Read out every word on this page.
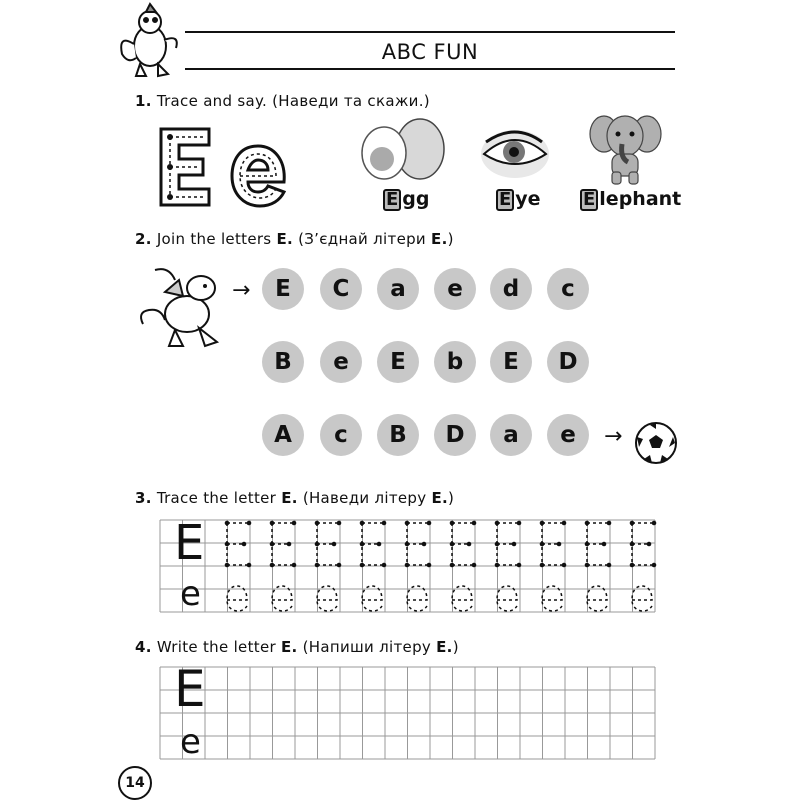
ABC FUN
1. Trace and say. (Наведи та скажи.)
E gg	E ye E lephant
2. Join the letters E. (З’єднай літери E.)
→	E	C	a	e	d	c
B	e	E	b	E	D
A	c	B	D	a	e	→
3. Trace the letter E. (Наведи літеру E.)
E
e
4. Write the letter E. (Напиши літеру E.)
E
e
14
